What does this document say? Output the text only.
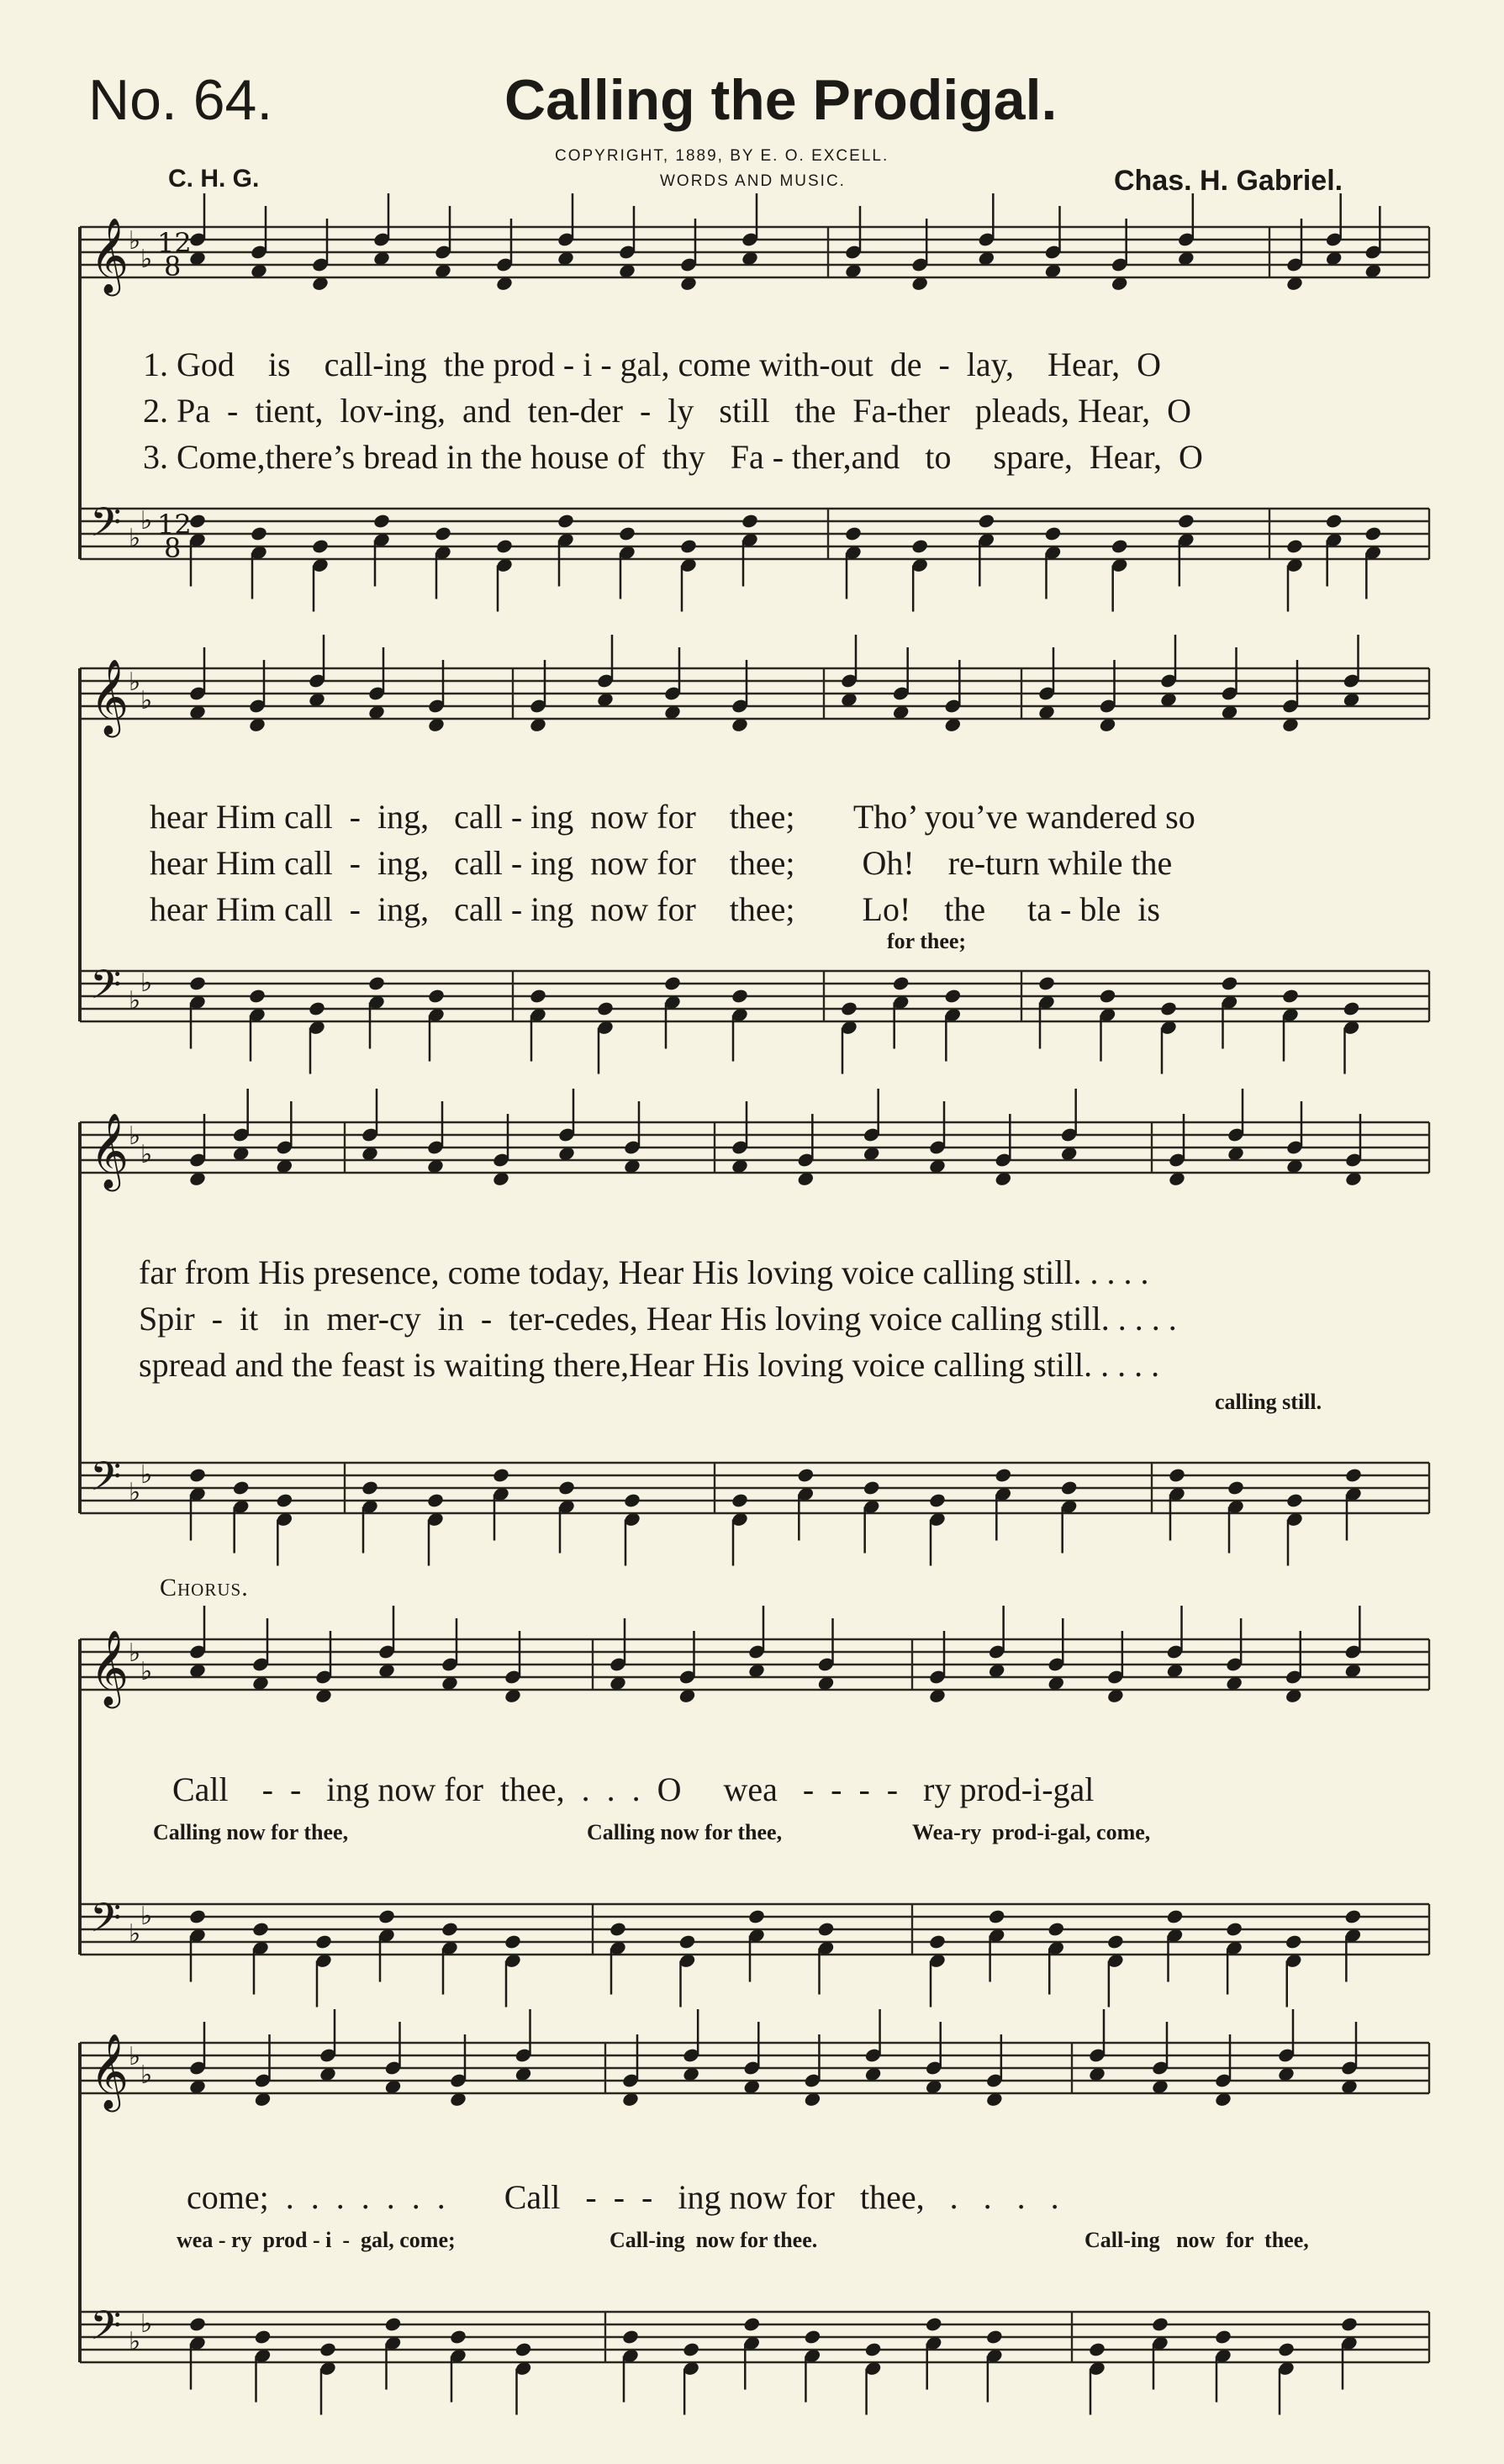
No. 64.	Calling the Prodigal.
C. H. G.
COPYRIGHT, 1889, BY E. O. EXCELL.
WORDS AND MUSIC.	Chas. H. Gabriel.
𝄞
𝄢
♭
♭
♭
♭
𝄞
𝄢
♭
♭
♭
♭
𝄞
𝄢
♭
♭
♭
♭
𝄞
𝄢
♭
♭
♭
♭
𝄞
𝄢
♭
♭
♭
♭
12
8
12
8
1. God    is    call-ing  the prod - i - gal, come with-out  de  -  lay,    Hear,  O
2. Pa  -  tient,  lov-ing,  and  ten-der  -  ly   still   the  Fa-ther   pleads, Hear,  O
3. Come,there’s bread in the house of  thy   Fa - ther,and   to     spare,  Hear,  O
hear Him call  -  ing,   call - ing  now for    thee;       Tho’ you’ve wandered so
hear Him call  -  ing,   call - ing  now for    thee;        Oh!    re-turn while the
hear Him call  -  ing,   call - ing  now for    thee;        Lo!    the     ta - ble  is
for thee;
far from His presence, come today, Hear His loving voice calling still. . . . .
Spir  -  it   in  mer-cy  in  -  ter-cedes, Hear His loving voice calling still. . . . .
spread and the feast is waiting there,Hear His loving voice calling still. . . . .
calling still.
Chorus.
Call    -  -   ing now for  thee,  .  .  .  O     wea   -  -  -  -   ry prod-i-gal
Calling now for thee,	Calling now for thee,	Wea-ry  prod-i-gal, come,
come;  .  .  .  .  .  .  .       Call   -  -  -   ing now for   thee,   .   .   .   .
wea - ry  prod - i  -  gal, come;	Call-ing  now for thee.	Call-ing   now  for  thee,
